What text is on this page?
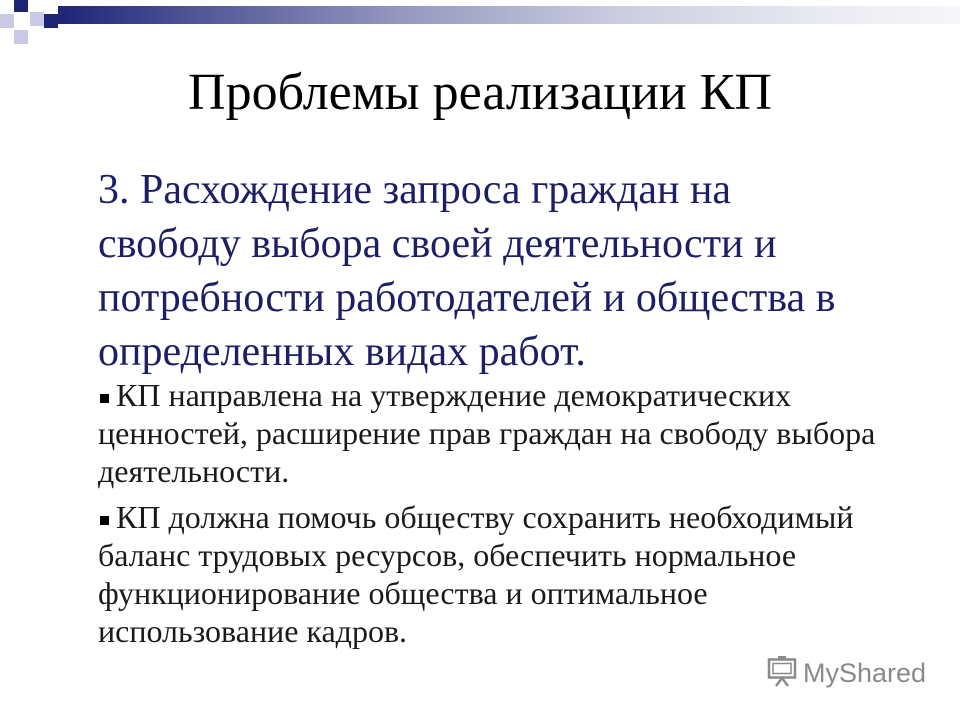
Проблемы реализации КП
3. Расхождение запроса граждан на
свободу выбора своей деятельности и
потребности работодателей и общества в
определенных видах работ.
КП направлена на утверждение демократических
ценностей, расширение прав граждан на свободу выбора
деятельности.
КП должна помочь обществу сохранить необходимый
баланс трудовых ресурсов, обеспечить нормальное
функционирование общества и оптимальное
использование кадров.
MyShared
